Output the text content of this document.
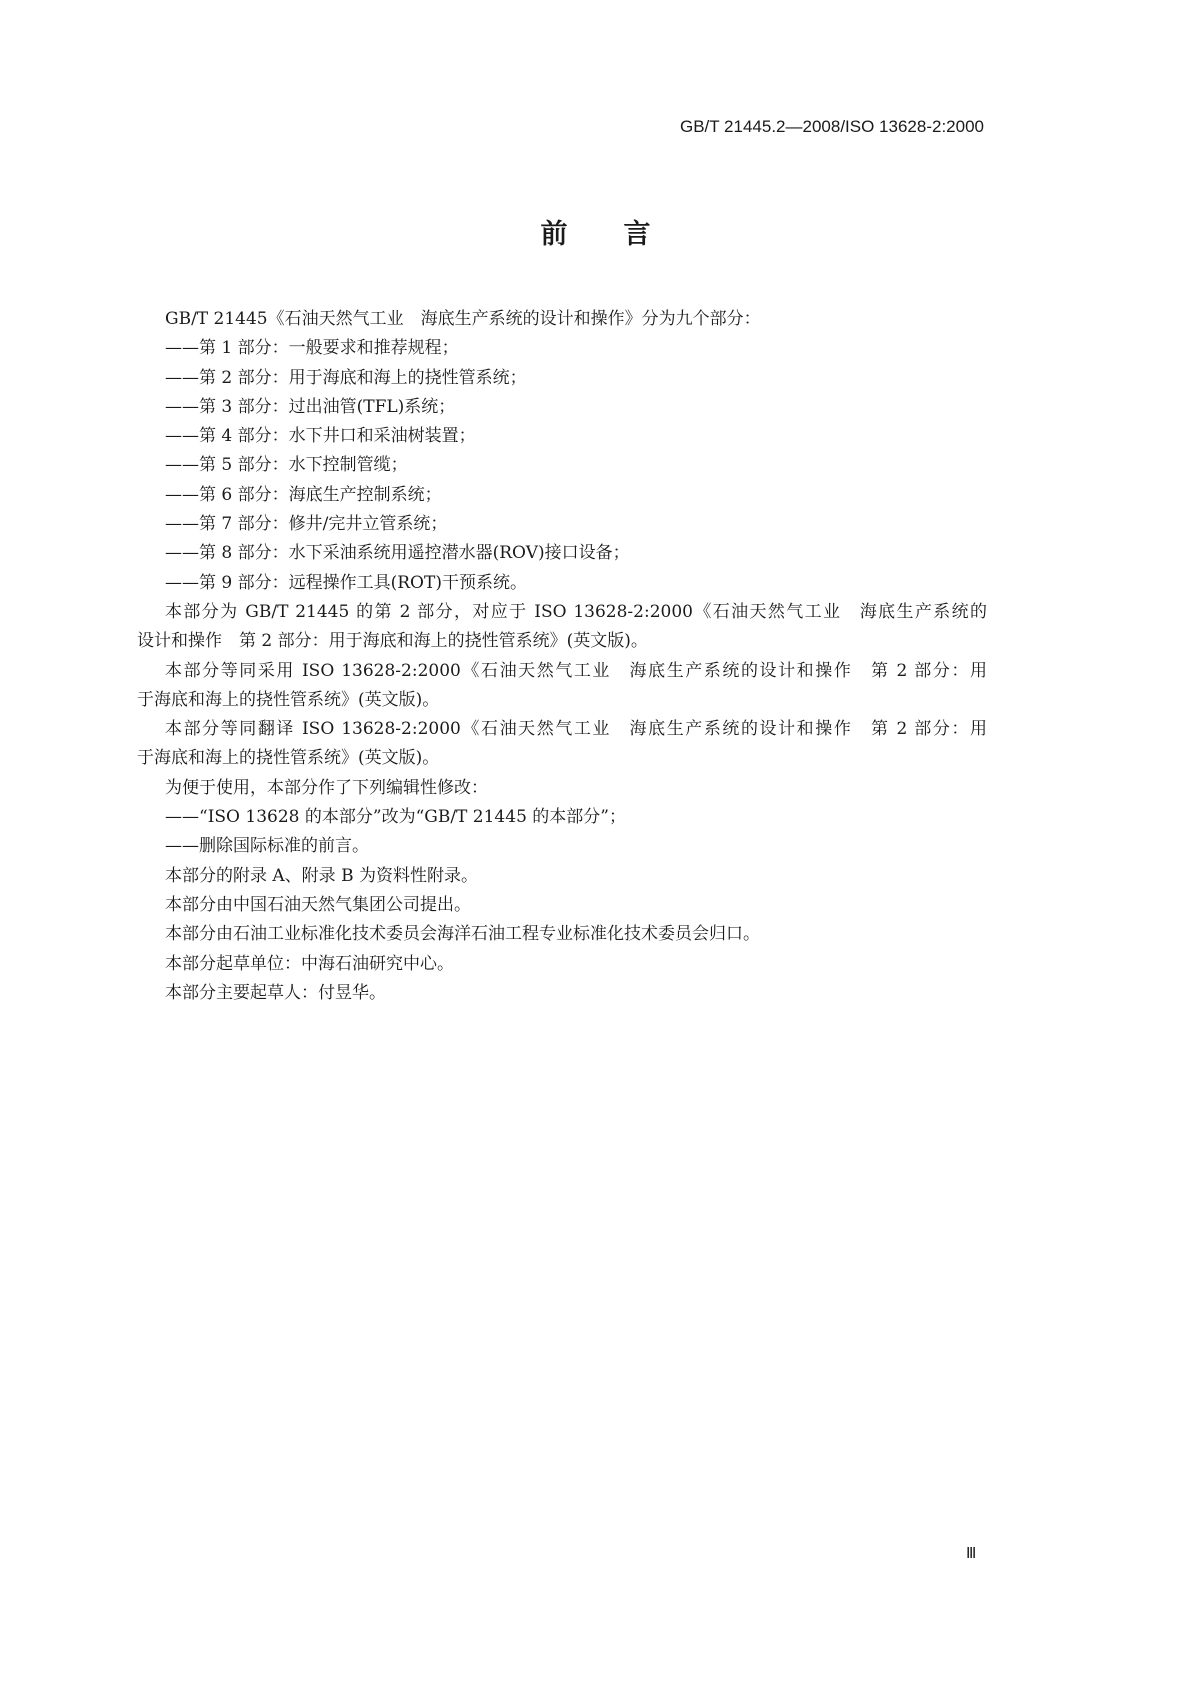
GB/T 21445.2—2008/ISO 13628-2:2000
前言
GB/T 21445《石油天然气工业　海底生产系统的设计和操作》分为九个部分：
——第 1 部分：一般要求和推荐规程；
——第 2 部分：用于海底和海上的挠性管系统；
——第 3 部分：过出油管(TFL)系统；
——第 4 部分：水下井口和采油树装置；
——第 5 部分：水下控制管缆；
——第 6 部分：海底生产控制系统；
——第 7 部分：修井/完井立管系统；
——第 8 部分：水下采油系统用遥控潜水器(ROV)接口设备；
——第 9 部分：远程操作工具(ROT)干预系统。
本部分为 GB/T 21445 的第 2 部分，对应于 ISO 13628-2:2000《石油天然气工业　海底生产系统的
设计和操作　第 2 部分：用于海底和海上的挠性管系统》(英文版)。
本部分等同采用 ISO 13628-2:2000《石油天然气工业　海底生产系统的设计和操作　第 2 部分：用
于海底和海上的挠性管系统》(英文版)。
本部分等同翻译 ISO 13628-2:2000《石油天然气工业　海底生产系统的设计和操作　第 2 部分：用
于海底和海上的挠性管系统》(英文版)。
为便于使用，本部分作了下列编辑性修改：
——“ISO 13628 的本部分”改为“GB/T 21445 的本部分”；
——删除国际标准的前言。
本部分的附录 A、附录 B 为资料性附录。
本部分由中国石油天然气集团公司提出。
本部分由石油工业标准化技术委员会海洋石油工程专业标准化技术委员会归口。
本部分起草单位：中海石油研究中心。
本部分主要起草人：付昱华。
Ⅲ
